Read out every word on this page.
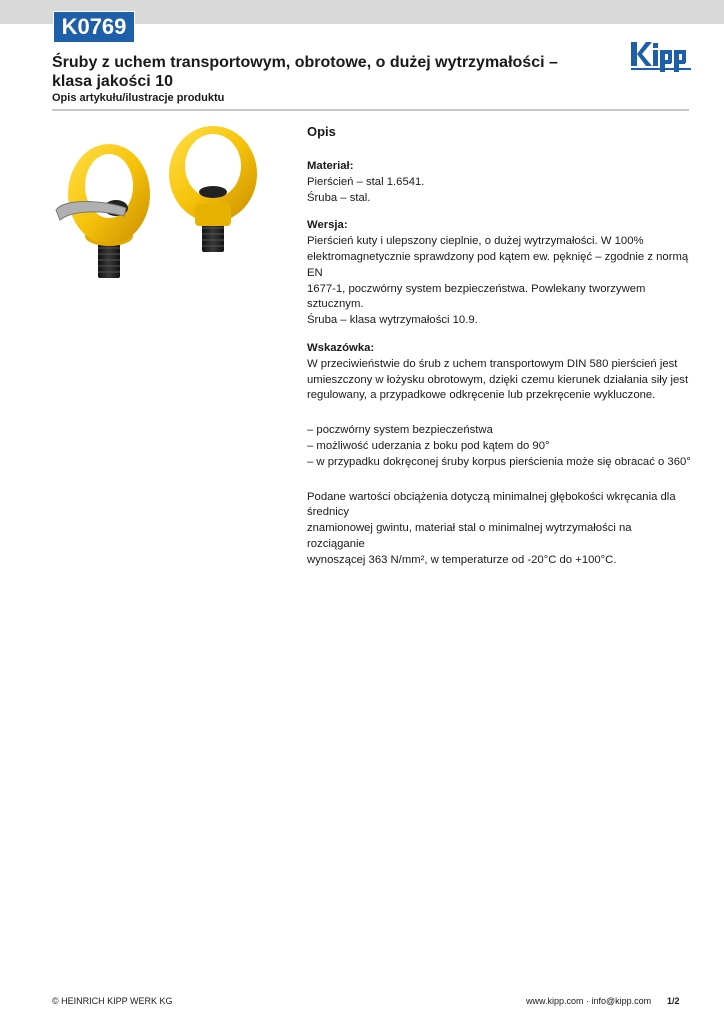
K0769
Śruby z uchem transportowym, obrotowe, o dużej wytrzymałości – klasa jakości 10

Opis artykułu/ilustracje produktu

Opis

Materiał:

Pierścień – stal 1.6541.

Śruba – stal.

Wersja:

Pierścień kuty i ulepszony cieplnie, o dużej wytrzymałości. W 100%

elektromagnetycznie sprawdzony pod kątem ew. pęknięć – zgodnie z normą EN

1677-1, poczwórny system bezpieczeństwa. Powlekany tworzywem sztucznym.

Śruba – klasa wytrzymałości 10.9.

Wskazówka:

W przeciwieństwie do śrub z uchem transportowym DIN 580 pierścień jest

umieszczony w łożysku obrotowym, dzięki czemu kierunek działania siły jest

regulowany, a przypadkowe odkręcenie lub przekręcenie wykluczone.

– poczwórny system bezpieczeństwa
– możliwość uderzania z boku pod kątem do 90°
– w przypadku dokręconej śruby korpus pierścienia może się obracać o 360°

Podane wartości obciążenia dotyczą minimalnej głębokości wkręcania dla średnicy

znamionowej gwintu, materiał stal o minimalnej wytrzymałości na rozciąganie

wynoszącej 363 N/mm², w temperaturze od -20°C do +100°C.

© HEINRICH KIPP WERK KG	www.kipp.com · info@kipp.com 1/2
